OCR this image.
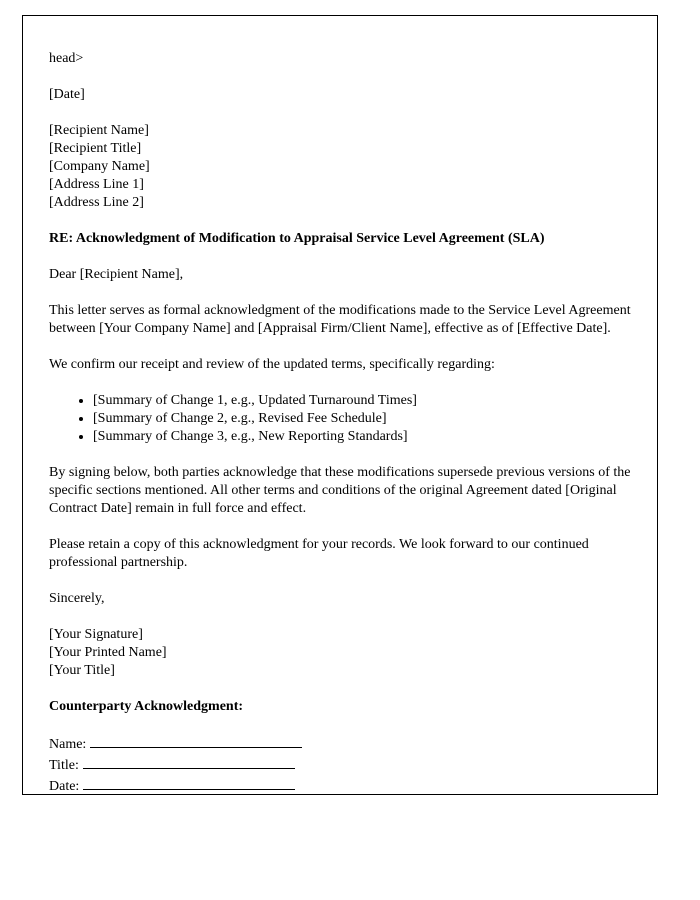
head>

[Date]

[Recipient Name]
[Recipient Title]
[Company Name]
[Address Line 1]
[Address Line 2]

RE: Acknowledgment of Modification to Appraisal Service Level Agreement (SLA)

Dear [Recipient Name],

This letter serves as formal acknowledgment of the modifications made to the Service Level Agreement between [Your Company Name] and [Appraisal Firm/Client Name], effective as of [Effective Date].

We confirm our receipt and review of the updated terms, specifically regarding:

• [Summary of Change 1, e.g., Updated Turnaround Times]
• [Summary of Change 2, e.g., Revised Fee Schedule]
• [Summary of Change 3, e.g., New Reporting Standards]

By signing below, both parties acknowledge that these modifications supersede previous versions of the specific sections mentioned. All other terms and conditions of the original Agreement dated [Original Contract Date] remain in full force and effect.

Please retain a copy of this acknowledgment for your records. We look forward to our continued professional partnership.

Sincerely,

[Your Signature]
[Your Printed Name]
[Your Title]

Counterparty Acknowledgment:

Name:
Title:
Date:
